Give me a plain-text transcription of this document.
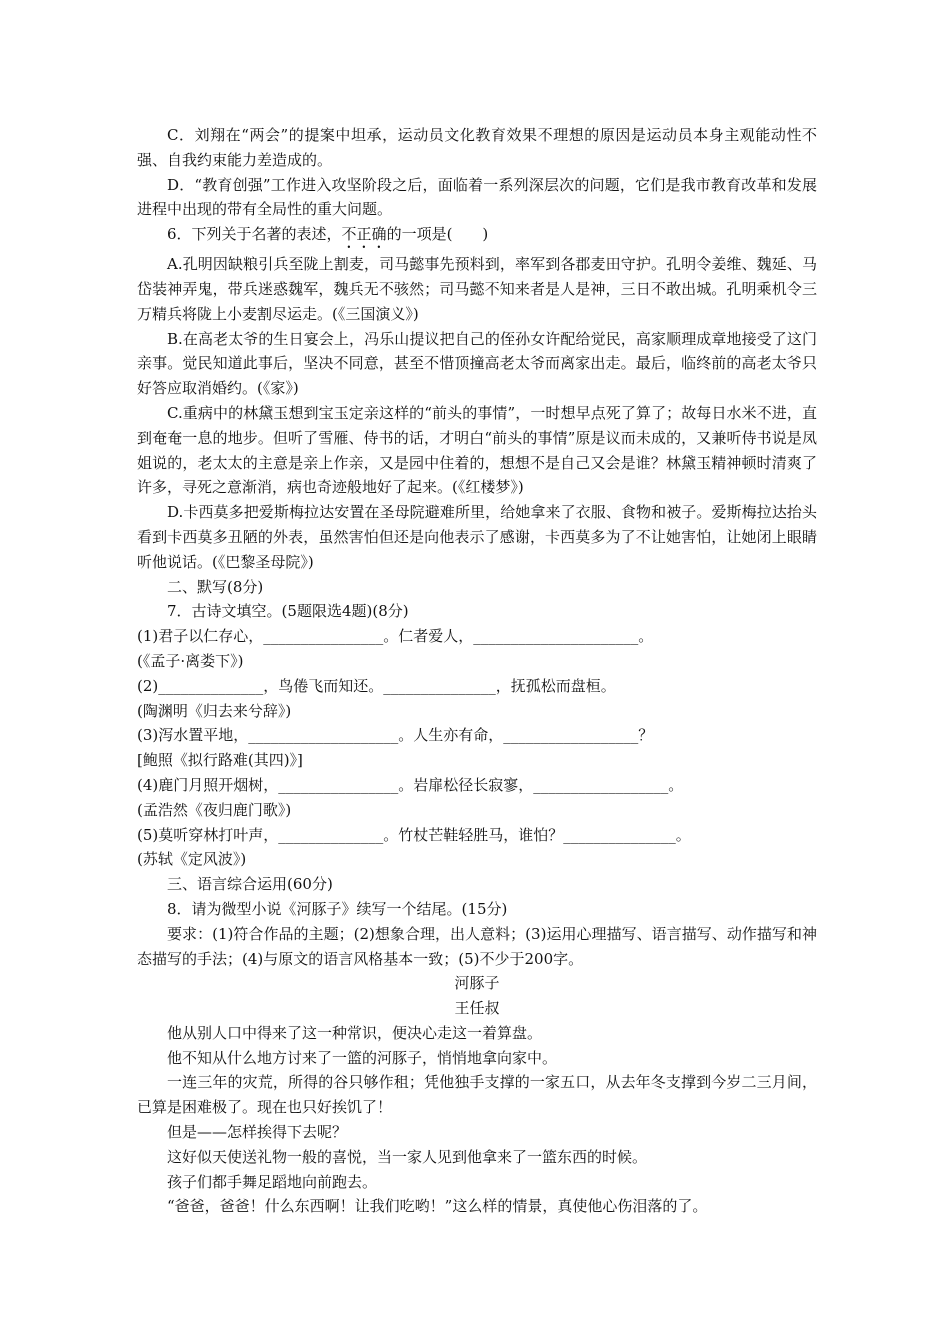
C．刘翔在“两会”的提案中坦承，运动员文化教育效果不理想的原因是运动员本身主观能动性不强、自我约束能力差造成的。

D．“教育创强”工作进入攻坚阶段之后，面临着一系列深层次的问题，它们是我市教育改革和发展进程中出现的带有全局性的重大问题。

6．下列关于名著的表述，不正确的一项是(　　)

A.孔明因缺粮引兵至陇上割麦，司马懿事先预料到，率军到各郡麦田守护。孔明令姜维、魏延、马岱装神弄鬼，带兵迷惑魏军，魏兵无不骇然；司马懿不知来者是人是神，三日不敢出城。孔明乘机令三万精兵将陇上小麦割尽运走。(《三国演义》)

B.在高老太爷的生日宴会上，冯乐山提议把自己的侄孙女许配给觉民，高家顺理成章地接受了这门亲事。觉民知道此事后，坚决不同意，甚至不惜顶撞高老太爷而离家出走。最后，临终前的高老太爷只好答应取消婚约。(《家》)

C.重病中的林黛玉想到宝玉定亲这样的“前头的事情”，一时想早点死了算了；故每日水米不进，直到奄奄一息的地步。但听了雪雁、侍书的话，才明白“前头的事情”原是议而未成的，又兼听侍书说是凤姐说的，老太太的主意是亲上作亲，又是园中住着的，想想不是自己又会是谁？林黛玉精神顿时清爽了许多，寻死之意渐消，病也奇迹般地好了起来。(《红楼梦》)

D.卡西莫多把爱斯梅拉达安置在圣母院避难所里，给她拿来了衣服、食物和被子。爱斯梅拉达抬头看到卡西莫多丑陋的外表，虽然害怕但还是向他表示了感谢，卡西莫多为了不让她害怕，让她闭上眼睛听他说话。(《巴黎圣母院》)

二、默写(8分)

7．古诗文填空。(5题限选4题)(8分)

(1)君子以仁存心，________________。仁者爱人，______________________。

(《孟子·离娄下》)

(2)______________，鸟倦飞而知还。_______________，抚孤松而盘桓。

(陶渊明《归去来兮辞》)

(3)泻水置平地，____________________。人生亦有命，__________________？

[鲍照《拟行路难(其四)》]

(4)鹿门月照开烟树，________________。岩扉松径长寂寥，__________________。

(孟浩然《夜归鹿门歌》)

(5)莫听穿林打叶声，______________。竹杖芒鞋轻胜马，谁怕？_______________。

(苏轼《定风波》)

三、语言综合运用(60分)

8．请为微型小说《河豚子》续写一个结尾。(15分)

要求：(1)符合作品的主题；(2)想象合理，出人意料；(3)运用心理描写、语言描写、动作描写和神态描写的手法；(4)与原文的语言风格基本一致；(5)不少于200字。

河豚子

王任叔

他从别人口中得来了这一种常识，便决心走这一着算盘。

他不知从什么地方讨来了一篮的河豚子，悄悄地拿向家中。

一连三年的灾荒，所得的谷只够作租；凭他独手支撑的一家五口，从去年冬支撑到今岁二三月间，已算是困难极了。现在也只好挨饥了！

但是——怎样挨得下去呢？

这好似天使送礼物一般的喜悦，当一家人见到他拿来了一篮东西的时候。

孩子们都手舞足蹈地向前跑去。

“爸爸，爸爸！什么东西啊！让我们吃哟！”这么样的情景，真使他心伤泪落的了。
